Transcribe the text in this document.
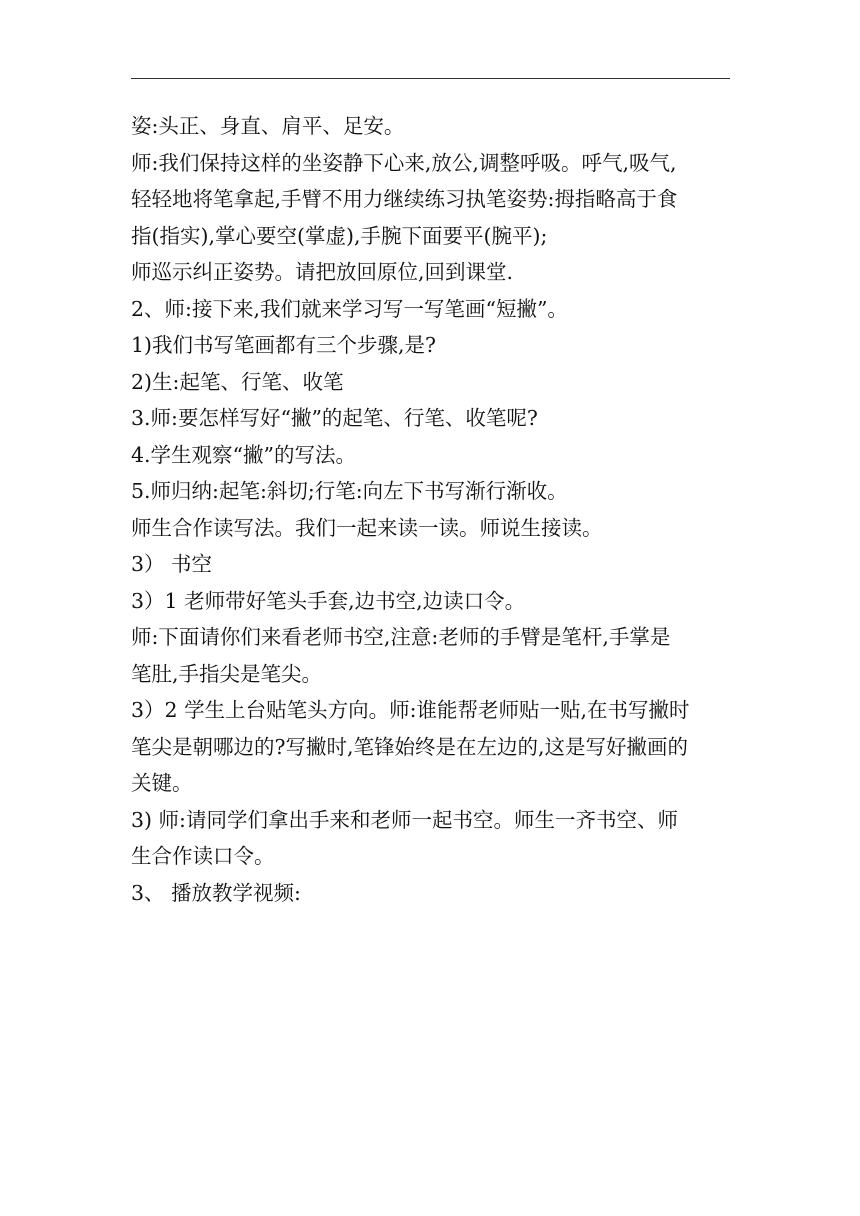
姿:头正、身直、肩平、足安。

师:我们保持这样的坐姿静下心来,放公,调整呼吸。呼气,吸气,

轻轻地将笔拿起,手臂不用力继续练习执笔姿势:拇指略高于食

指(指实),掌心要空(掌虚),手腕下面要平(腕平);

师巡示纠正姿势。请把放回原位,回到课堂.

2、师:接下来,我们就来学习写一写笔画“短撇”。

1)我们书写笔画都有三个步骤,是?

2)生:起笔、行笔、收笔

3.师:要怎样写好“撇”的起笔、行笔、收笔呢?

4.学生观察“撇”的写法。

5.师归纳:起笔:斜切;行笔:向左下书写渐行渐收。

师生合作读写法。我们一起来读一读。师说生接读。

3） 书空

3）1 老师带好笔头手套,边书空,边读口令。

师:下面请你们来看老师书空,注意:老师的手臂是笔杆,手掌是

笔肚,手指尖是笔尖。

3）2 学生上台贴笔头方向。师:谁能帮老师贴一贴,在书写撇时

笔尖是朝哪边的?写撇时,笔锋始终是在左边的,这是写好撇画的

关键。

3) 师:请同学们拿出手来和老师一起书空。师生一齐书空、师

生合作读口令。

3、 播放教学视频:
